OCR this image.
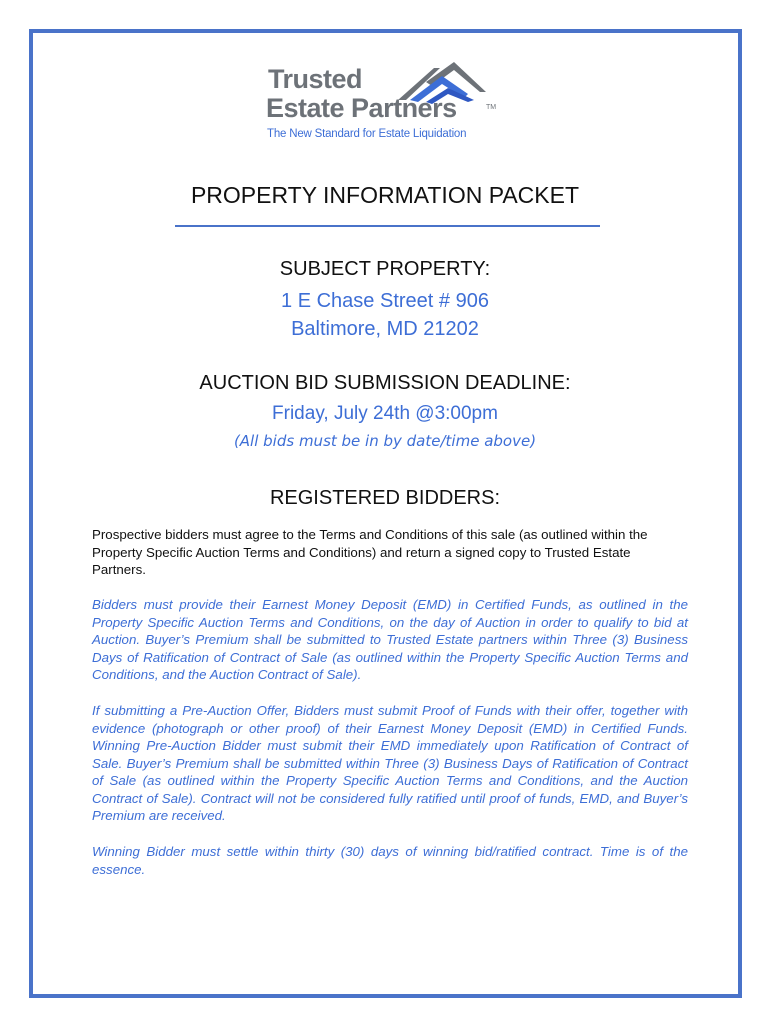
Trusted
Estate Partners	TM
The New Standard for Estate Liquidation
PROPERTY INFORMATION PACKET
SUBJECT PROPERTY:
1 E Chase Street # 906
Baltimore, MD 21202
AUCTION BID SUBMISSION DEADLINE:
Friday, July 24th @3:00pm
(All bids must be in by date/time above)
REGISTERED BIDDERS:
Prospective bidders must agree to the Terms and Conditions of this sale (as outlined within the Property Specific Auction Terms and Conditions) and return a signed copy to Trusted Estate Partners.
Bidders must provide their Earnest Money Deposit (EMD) in Certified Funds, as outlined in the Property Specific Auction Terms and Conditions, on the day of Auction in order to qualify to bid at Auction. Buyer’s Premium shall be submitted to Trusted Estate partners within Three (3) Business Days of Ratification of Contract of Sale (as outlined within the Property Specific Auction Terms and Conditions, and the Auction Contract of Sale).
If submitting a Pre-Auction Offer, Bidders must submit Proof of Funds with their offer, together with evidence (photograph or other proof) of their Earnest Money Deposit (EMD) in Certified Funds. Winning Pre-Auction Bidder must submit their EMD immediately upon Ratification of Contract of Sale. Buyer’s Premium shall be submitted within Three (3) Business Days of Ratification of Contract of Sale (as outlined within the Property Specific Auction Terms and Conditions, and the Auction Contract of Sale). Contract will not be considered fully ratified until proof of funds, EMD, and Buyer’s Premium are received.
Winning Bidder must settle within thirty (30) days of winning bid/ratified contract. Time is of the essence.
